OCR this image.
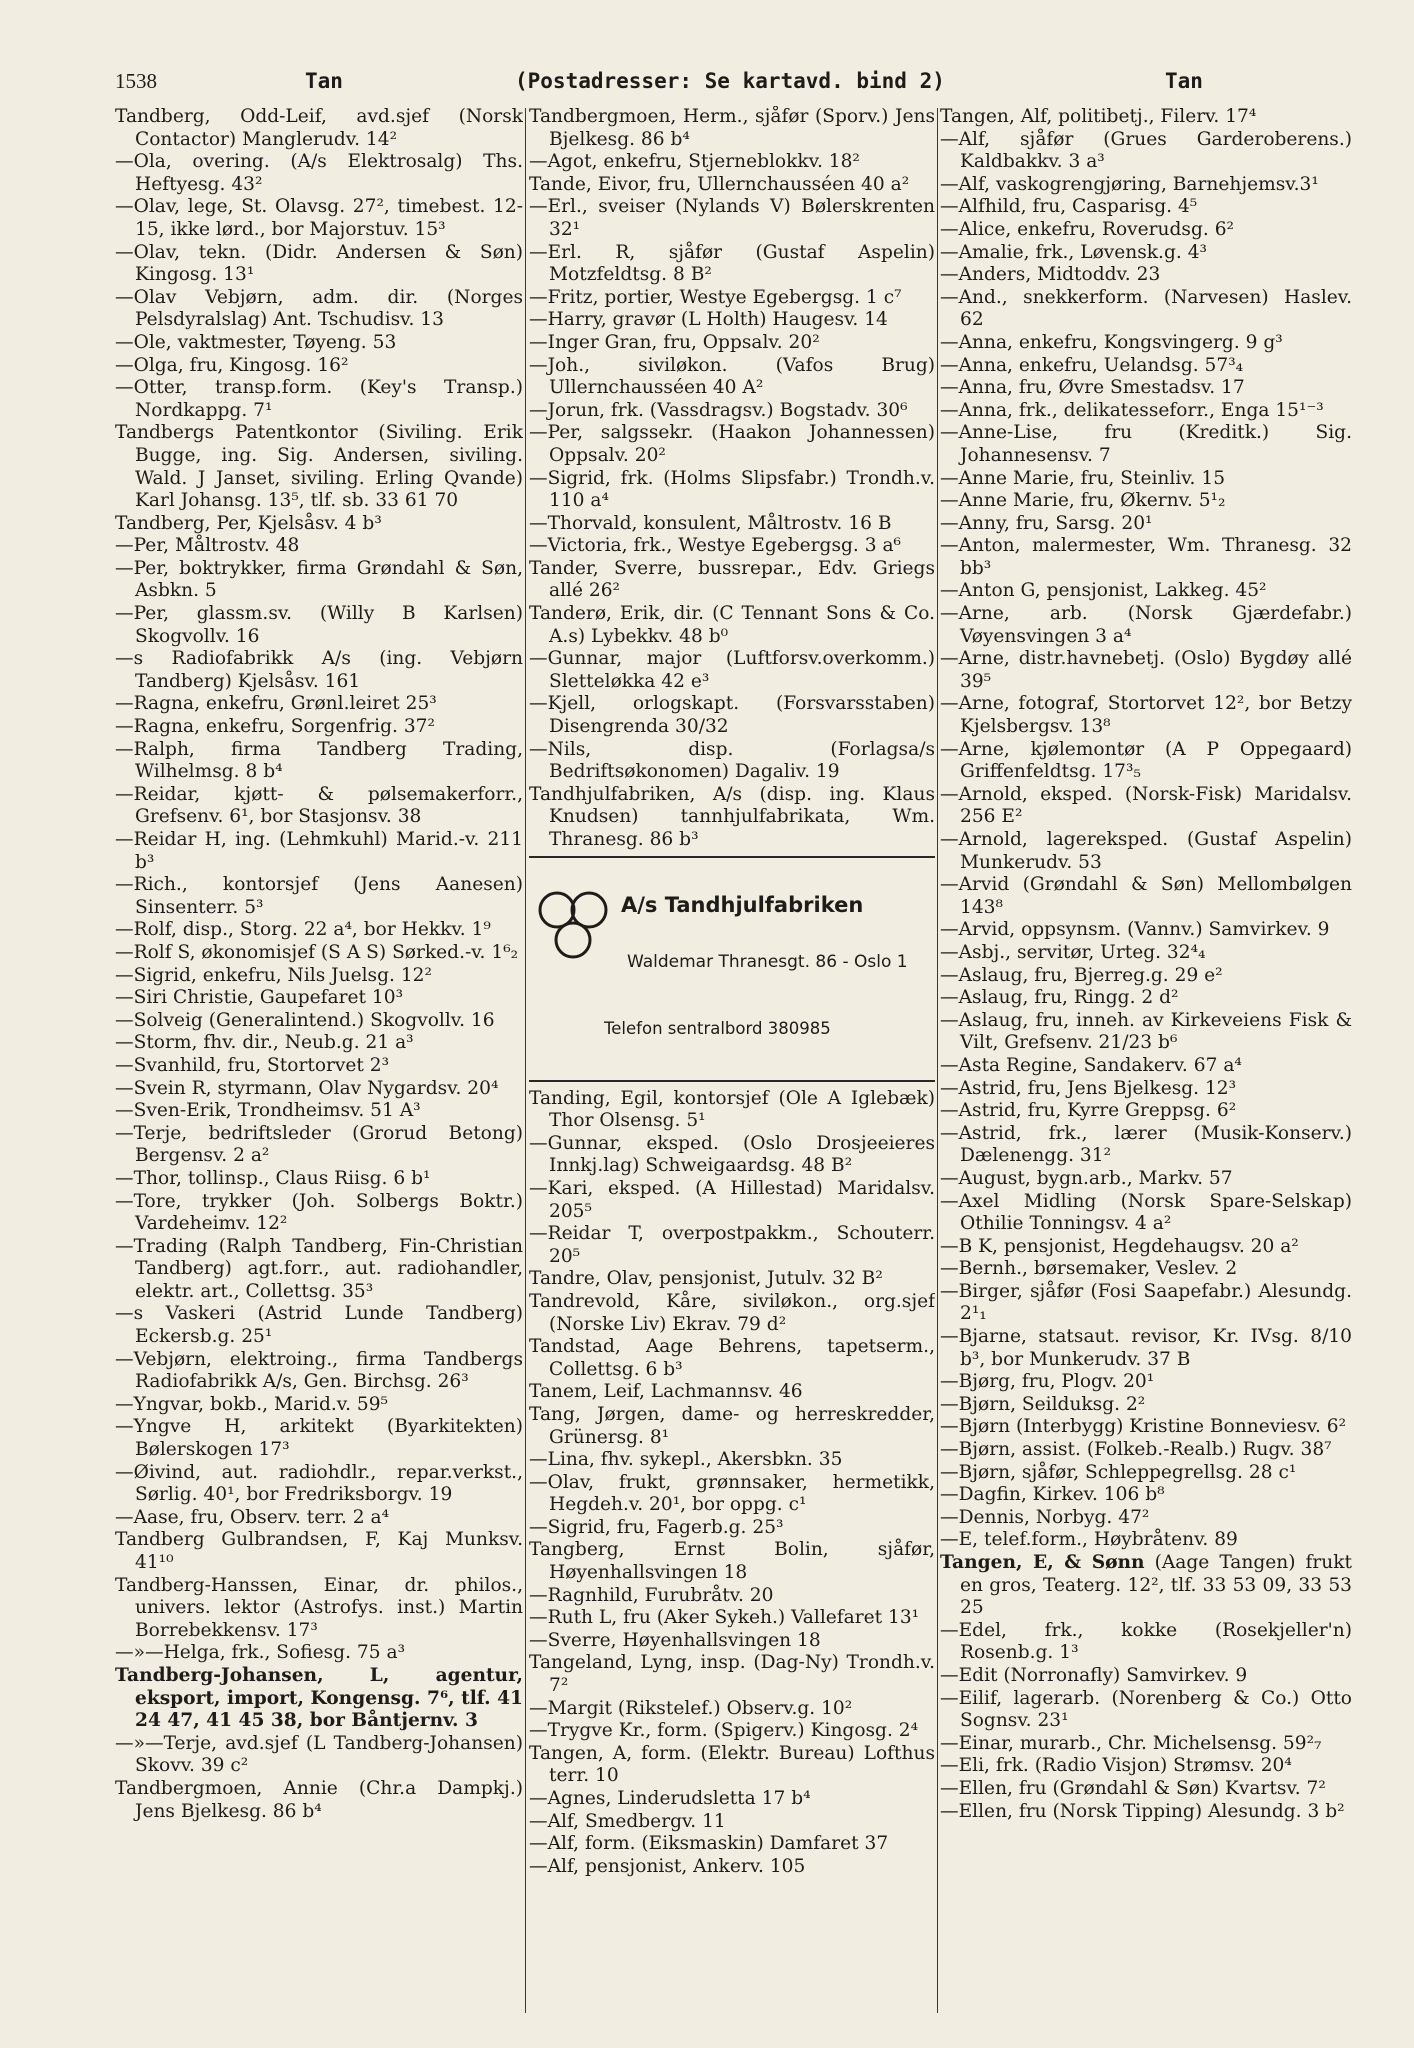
1538	Tan	(Postadresser: Se kartavd. bind 2)	Tan

Tandberg, Odd-Leif, avd.sjef (Norsk Contactor) Manglerudv. 14²

—Ola, overing. (A/s Elektrosalg) Ths. Heftyesg. 43²

—Olav, lege, St. Olavsg. 27², timebest. 12-15, ikke lørd., bor Majorstuv. 15³

—Olav, tekn. (Didr. Andersen & Søn) Kingosg. 13¹

—Olav Vebjørn, adm. dir. (Norges Pelsdyralslag) Ant. Tschudisv. 13

—Ole, vaktmester, Tøyeng. 53

—Olga, fru, Kingosg. 16²

—Otter, transp.form. (Key's Transp.) Nordkappg. 7¹

Tandbergs Patentkontor (Siviling. Erik Bugge, ing. Sig. Andersen, siviling. Wald. J Janset, siviling. Erling Qvande) Karl Johansg. 13⁵, tlf. sb. 33 61 70

Tandberg, Per, Kjelsåsv. 4 b³

—Per, Måltrostv. 48

—Per, boktrykker, firma Grøndahl & Søn, Asbkn. 5

—Per, glassm.sv. (Willy B Karlsen) Skogvollv. 16

—s Radiofabrikk A/s (ing. Vebjørn Tandberg) Kjelsåsv. 161

—Ragna, enkefru, Grønl.leiret 25³

—Ragna, enkefru, Sorgenfrig. 37²

—Ralph, firma Tandberg Trading, Wilhelmsg. 8 b⁴

—Reidar, kjøtt- & pølsemakerforr., Grefsenv. 6¹, bor Stasjonsv. 38

—Reidar H, ing. (Lehmkuhl) Marid.-v. 211 b³

—Rich., kontorsjef (Jens Aanesen) Sinsenterr. 5³

—Rolf, disp., Storg. 22 a⁴, bor Hekkv. 1⁹

—Rolf S, økonomisjef (S A S) Sørked.-v. 1⁶₂

—Sigrid, enkefru, Nils Juelsg. 12²

—Siri Christie, Gaupefaret 10³

—Solveig (Generalintend.) Skogvollv. 16

—Storm, fhv. dir., Neub.g. 21 a³

—Svanhild, fru, Stortorvet 2³

—Svein R, styrmann, Olav Nygardsv. 20⁴

—Sven-Erik, Trondheimsv. 51 A³

—Terje, bedriftsleder (Grorud Betong) Bergensv. 2 a²

—Thor, tollinsp., Claus Riisg. 6 b¹

—Tore, trykker (Joh. Solbergs Boktr.) Vardeheimv. 12²

—Trading (Ralph Tandberg, Fin-Christian Tandberg) agt.forr., aut. radiohandler, elektr. art., Collettsg. 35³

—s Vaskeri (Astrid Lunde Tandberg) Eckersb.g. 25¹

—Vebjørn, elektroing., firma Tandbergs Radiofabrikk A/s, Gen. Birchsg. 26³

—Yngvar, bokb., Marid.v. 59⁵

—Yngve H, arkitekt (Byarkitekten) Bølerskogen 17³

—Øivind, aut. radiohdlr., repar.verkst., Sørlig. 40¹, bor Fredriksborgv. 19

—Aase, fru, Observ. terr. 2 a⁴

Tandberg Gulbrandsen, F, Kaj Munksv. 41¹⁰

Tandberg-Hanssen, Einar, dr. philos., univers. lektor (Astrofys. inst.) Martin Borrebekkensv. 17³

—»—Helga, frk., Sofiesg. 75 a³

Tandberg-Johansen, L, agentur, eksport, import, Kongensg. 7⁶, tlf. 41 24 47, 41 45 38, bor Båntjernv. 3

—»—Terje, avd.sjef (L Tandberg-Johansen) Skovv. 39 c²

Tandbergmoen, Annie (Chr.a Dampkj.) Jens Bjelkesg. 86 b⁴

Tandbergmoen, Herm., sjåfør (Sporv.) Jens Bjelkesg. 86 b⁴

—Agot, enkefru, Stjerneblokkv. 18²

Tande, Eivor, fru, Ullernchausséen 40 a²

—Erl., sveiser (Nylands V) Bølerskrenten 32¹

—Erl. R, sjåfør (Gustaf Aspelin) Motzfeldtsg. 8 B²

—Fritz, portier, Westye Egebergsg. 1 c⁷

—Harry, gravør (L Holth) Haugesv. 14

—Inger Gran, fru, Oppsalv. 20²

—Joh., siviløkon. (Vafos Brug) Ullernchausséen 40 A²

—Jorun, frk. (Vassdragsv.) Bogstadv. 30⁶

—Per, salgssekr. (Haakon Johannessen) Oppsalv. 20²

—Sigrid, frk. (Holms Slipsfabr.) Trondh.v. 110 a⁴

—Thorvald, konsulent, Måltrostv. 16 B

—Victoria, frk., Westye Egebergsg. 3 a⁶

Tander, Sverre, bussrepar., Edv. Griegs allé 26²

Tanderø, Erik, dir. (C Tennant Sons & Co. A.s) Lybekkv. 48 b⁰

—Gunnar, major (Luftforsv.overkomm.) Sletteløkka 42 e³

—Kjell, orlogskapt. (Forsvarsstaben) Disengrenda 30/32

—Nils, disp. (Forlagsa/s Bedriftsøkonomen) Dagaliv. 19

Tandhjulfabriken, A/s (disp. ing. Klaus Knudsen) tannhjulfabrikata, Wm. Thranesg. 86 b³

A/s Tandhjulfabriken
Waldemar Thranesgt. 86 - Oslo 1
Telefon sentralbord 380985

Tanding, Egil, kontorsjef (Ole A Iglebæk) Thor Olsensg. 5¹

—Gunnar, eksped. (Oslo Drosjeeieres Innkj.lag) Schweigaardsg. 48 B²

—Kari, eksped. (A Hillestad) Maridalsv. 205⁵

—Reidar T, overpostpakkm., Schouterr. 20⁵

Tandre, Olav, pensjonist, Jutulv. 32 B²

Tandrevold, Kåre, siviløkon., org.sjef (Norske Liv) Ekrav. 79 d²

Tandstad, Aage Behrens, tapetserm., Collettsg. 6 b³

Tanem, Leif, Lachmannsv. 46

Tang, Jørgen, dame- og herreskredder, Grünersg. 8¹

—Lina, fhv. sykepl., Akersbkn. 35

—Olav, frukt, grønnsaker, hermetikk, Hegdeh.v. 20¹, bor oppg. c¹

—Sigrid, fru, Fagerb.g. 25³

Tangberg, Ernst Bolin, sjåfør, Høyenhallsvingen 18

—Ragnhild, Furubråtv. 20

—Ruth L, fru (Aker Sykeh.) Vallefaret 13¹

—Sverre, Høyenhallsvingen 18

Tangeland, Lyng, insp. (Dag-Ny) Trondh.v. 7²

—Margit (Rikstelef.) Observ.g. 10²

—Trygve Kr., form. (Spigerv.) Kingosg. 2⁴

Tangen, A, form. (Elektr. Bureau) Lofthus terr. 10

—Agnes, Linderudsletta 17 b⁴

—Alf, Smedbergv. 11

—Alf, form. (Eiksmaskin) Damfaret 37

—Alf, pensjonist, Ankerv. 105

Tangen, Alf, politibetj., Filerv. 17⁴

—Alf, sjåfør (Grues Garderoberens.) Kaldbakkv. 3 a³

—Alf, vaskogrengjøring, Barnehjemsv.3¹

—Alfhild, fru, Casparisg. 4⁵

—Alice, enkefru, Roverudsg. 6²

—Amalie, frk., Løvensk.g. 4³

—Anders, Midtoddv. 23

—And., snekkerform. (Narvesen) Haslev. 62

—Anna, enkefru, Kongsvingerg. 9 g³

—Anna, enkefru, Uelandsg. 57³₄

—Anna, fru, Øvre Smestadsv. 17

—Anna, frk., delikatesseforr., Enga 15¹⁻³

—Anne-Lise, fru (Kreditk.) Sig. Johannesensv. 7

—Anne Marie, fru, Steinliv. 15

—Anne Marie, fru, Økernv. 5¹₂

—Anny, fru, Sarsg. 20¹

—Anton, malermester, Wm. Thranesg. 32 bb³

—Anton G, pensjonist, Lakkeg. 45²

—Arne, arb. (Norsk Gjærdefabr.) Vøyensvingen 3 a⁴

—Arne, distr.havnebetj. (Oslo) Bygdøy allé 39⁵

—Arne, fotograf, Stortorvet 12², bor Betzy Kjelsbergsv. 13⁸

—Arne, kjølemontør (A P Oppegaard) Griffenfeldtsg. 17³₅

—Arnold, eksped. (Norsk-Fisk) Maridalsv. 256 E²

—Arnold, lagereksped. (Gustaf Aspelin) Munkerudv. 53

—Arvid (Grøndahl & Søn) Mellombølgen 143⁸

—Arvid, oppsynsm. (Vannv.) Samvirkev. 9

—Asbj., servitør, Urteg. 32⁴₄

—Aslaug, fru, Bjerreg.g. 29 e²

—Aslaug, fru, Ringg. 2 d²

—Aslaug, fru, inneh. av Kirkeveiens Fisk & Vilt, Grefsenv. 21/23 b⁶

—Asta Regine, Sandakerv. 67 a⁴

—Astrid, fru, Jens Bjelkesg. 12³

—Astrid, fru, Kyrre Greppsg. 6²

—Astrid, frk., lærer (Musik-Konserv.) Dælenengg. 31²

—August, bygn.arb., Markv. 57

—Axel Midling (Norsk Spare-Selskap) Othilie Tonningsv. 4 a²

—B K, pensjonist, Hegdehaugsv. 20 a²

—Bernh., børsemaker, Veslev. 2

—Birger, sjåfør (Fosi Saapefabr.) Alesundg. 2¹₁

—Bjarne, statsaut. revisor, Kr. IVsg. 8/10 b³, bor Munkerudv. 37 B

—Bjørg, fru, Plogv. 20¹

—Bjørn, Seilduksg. 2²

—Bjørn (Interbygg) Kristine Bonneviesv. 6²

—Bjørn, assist. (Folkeb.-Realb.) Rugv. 38⁷

—Bjørn, sjåfør, Schleppegrellsg. 28 c¹

—Dagfin, Kirkev. 106 b⁸

—Dennis, Norbyg. 47²

—E, telef.form., Høybråtenv. 89

Tangen, E, & Sønn (Aage Tangen) frukt en gros, Teaterg. 12², tlf. 33 53 09, 33 53 25

—Edel, frk., kokke (Rosekjeller'n) Rosenb.g. 1³

—Edit (Norronafly) Samvirkev. 9

—Eilif, lagerarb. (Norenberg & Co.) Otto Sognsv. 23¹

—Einar, murarb., Chr. Michelsensg. 59²₇

—Eli, frk. (Radio Visjon) Strømsv. 20⁴

—Ellen, fru (Grøndahl & Søn) Kvartsv. 7²

—Ellen, fru (Norsk Tipping) Alesundg. 3 b²
